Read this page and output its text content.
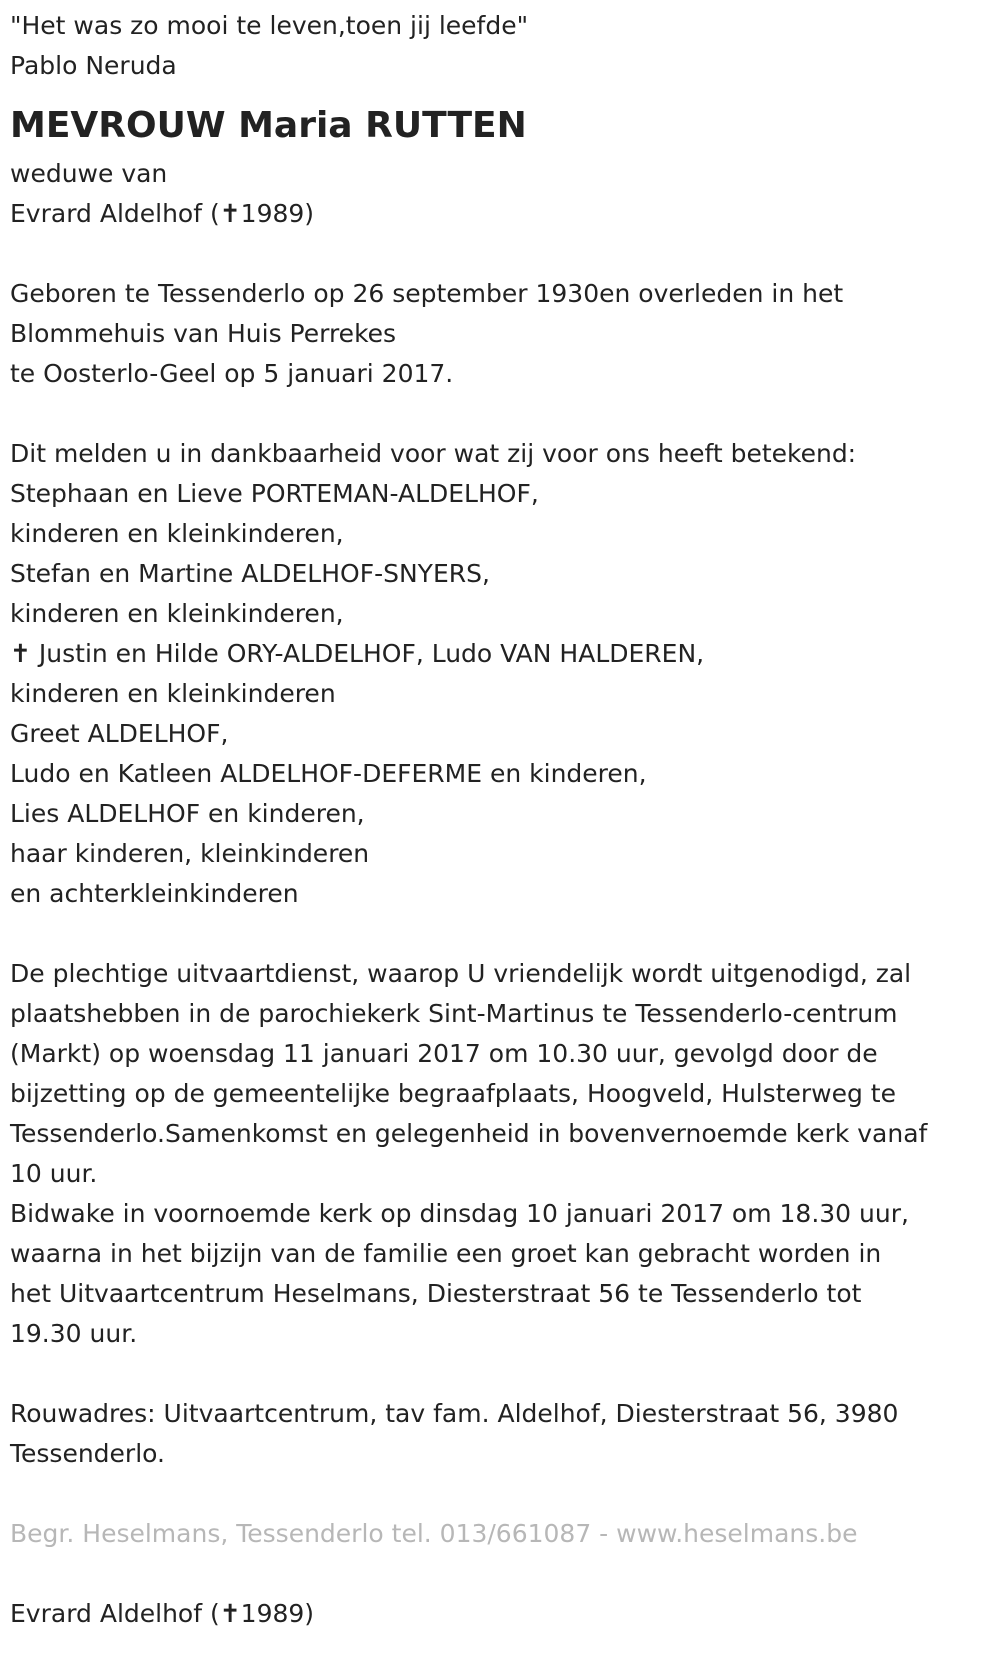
"Het was zo mooi te leven,toen jij leefde"

Pablo Neruda

MEVROUW Maria RUTTEN

weduwe van

Evrard Aldelhof (✝1989)

Geboren te Tessenderlo op 26 september 1930en overleden in het

Blommehuis van Huis Perrekes

te Oosterlo-Geel op 5 januari 2017.

Dit melden u in dankbaarheid voor wat zij voor ons heeft betekend:

Stephaan en Lieve PORTEMAN-ALDELHOF,

kinderen en kleinkinderen,

Stefan en Martine ALDELHOF-SNYERS,

kinderen en kleinkinderen,

✝ Justin en Hilde ORY-ALDELHOF, Ludo VAN HALDEREN,

kinderen en kleinkinderen

Greet ALDELHOF,

Ludo en Katleen ALDELHOF-DEFERME en kinderen,

Lies ALDELHOF en kinderen,

haar kinderen, kleinkinderen

en achterkleinkinderen

De plechtige uitvaartdienst, waarop U vriendelijk wordt uitgenodigd, zal

plaatshebben in de parochiekerk Sint-Martinus te Tessenderlo-centrum

(Markt) op woensdag 11 januari 2017 om 10.30 uur, gevolgd door de

bijzetting op de gemeentelijke begraafplaats, Hoogveld, Hulsterweg te

Tessenderlo.Samenkomst en gelegenheid in bovenvernoemde kerk vanaf

10 uur.

Bidwake in voornoemde kerk op dinsdag 10 januari 2017 om 18.30 uur,

waarna in het bijzijn van de familie een groet kan gebracht worden in

het Uitvaartcentrum Heselmans, Diesterstraat 56 te Tessenderlo tot

19.30 uur.

Rouwadres: Uitvaartcentrum, tav fam. Aldelhof, Diesterstraat 56, 3980

Tessenderlo.

Begr. Heselmans, Tessenderlo tel. 013/661087 - www.heselmans.be

Evrard Aldelhof (✝1989)
